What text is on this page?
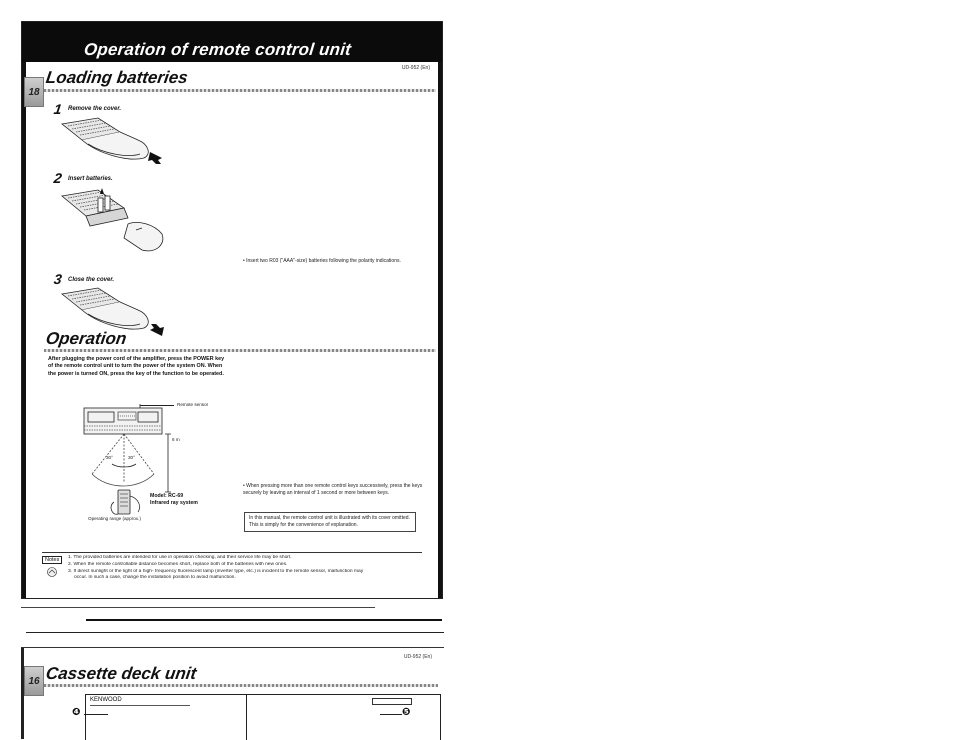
Operation of remote control unit
UD-952 (En)
18
Loading batteries
1 Remove the cover.
2 Insert batteries.
3 Close the cover.
• Insert two R03 ("AAA"-size) batteries following the polarity indications.
Operation
After plugging the power cord of the amplifier, press the POWER key of the remote control unit to turn the power of the system ON. When the power is turned ON, press the key of the function to be operated.
Remote sensor
6 m
30°	30°
Model: RC-69
Infrared ray system
Operating range (approx.)
• When pressing more than one remote control keys successively, press the keys securely by leaving an interval of 1 second or more between keys.
In this manual, the remote control unit is illustrated with its cover omitted. This is simply for the convenience of explanation.
Notes	1. The provided batteries are intended for use in operation checking, and their service life may be short.
2. When the remote controllable distance becomes short, replace both of the batteries with new ones.
3. If direct sunlight or the light of a high- frequency fluorescent lamp (inverter type, etc.) is incident to the remote sensor, malfunction may
occur. In such a case, change the installation position to avoid malfunction.
UD-952 (En)
16 Cassette deck unit
KENWOOD
❹	❺
